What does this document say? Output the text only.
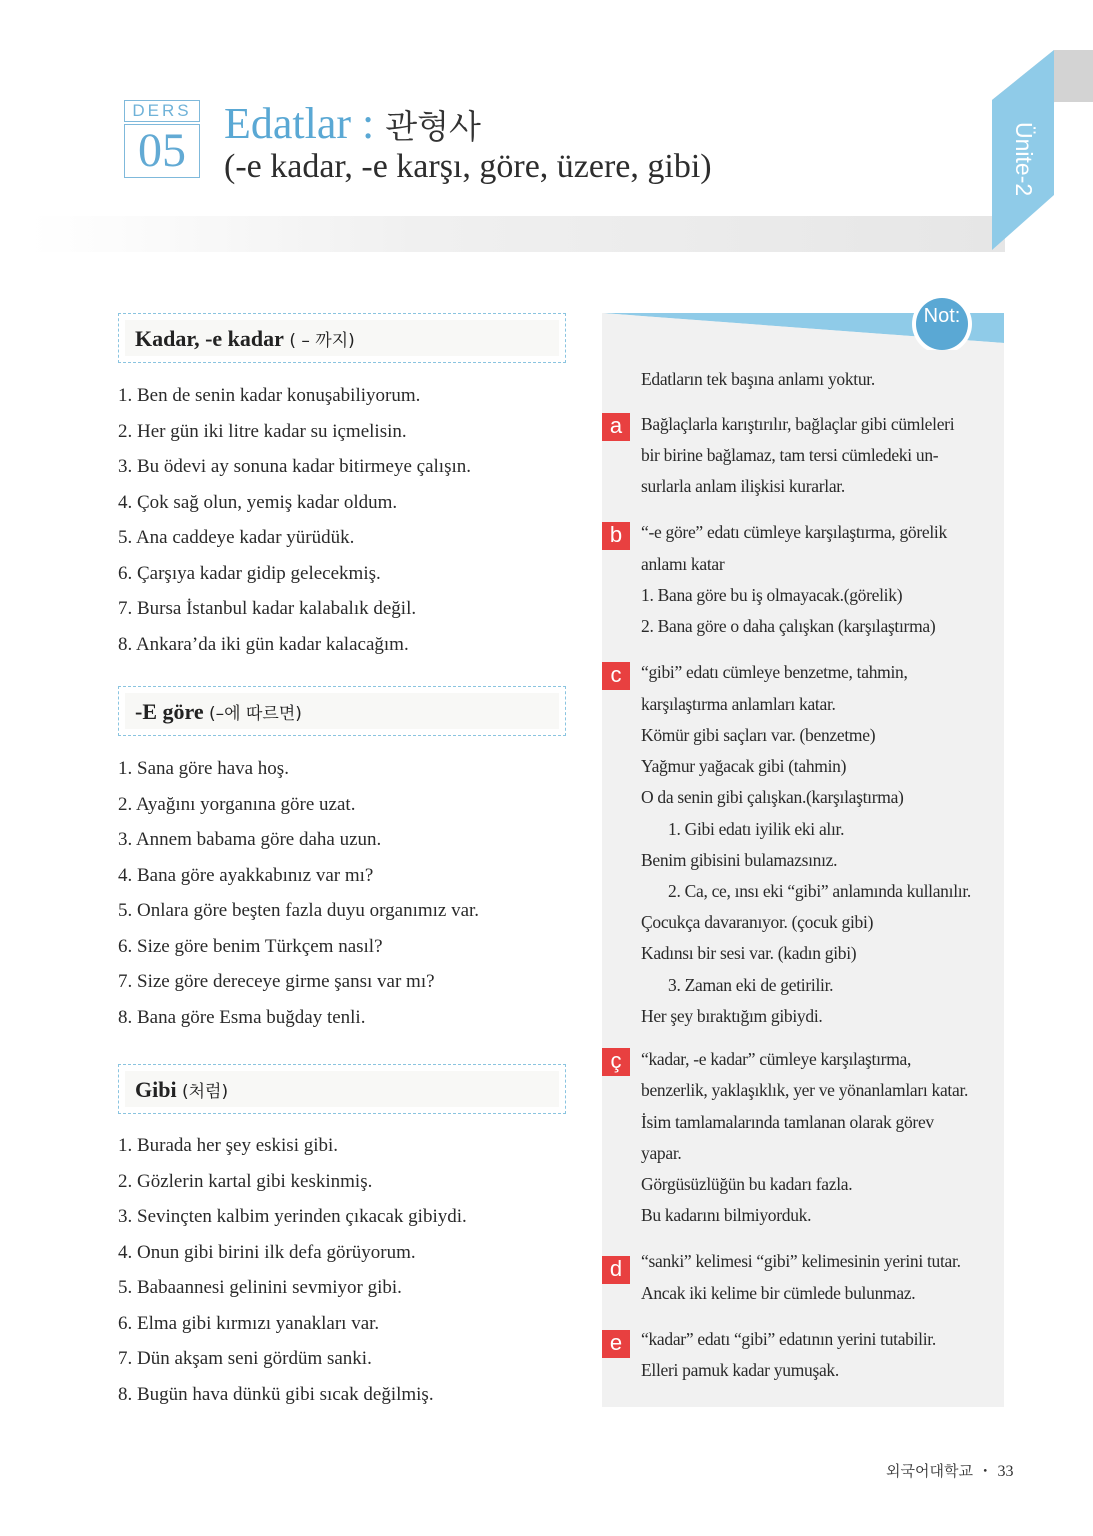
DERS
05
Edatlar : 관형사
(-e kadar, -e karşı, göre, üzere, gibi)	Ünite-2
Kadar, -e kadar ( – 까지)
1. Ben de senin kadar konuşabiliyorum.
2. Her gün iki litre kadar su içmelisin.
3. Bu ödevi ay sonuna kadar bitirmeye çalışın.
4. Çok sağ olun, yemiş kadar oldum.
5. Ana caddeye kadar yürüdük.
6. Çarşıya kadar gidip gelecekmiş.
7. Bursa İstanbul kadar kalabalık değil.
8. Ankara’da iki gün kadar kalacağım.
-E göre (–에 따르면)
1. Sana göre hava hoş.
2. Ayağını yorganına göre uzat.
3. Annem babama göre daha uzun.
4. Bana göre ayakkabınız var mı?
5. Onlara göre beşten fazla duyu organımız var.
6. Size göre benim Türkçem nasıl?
7. Size göre dereceye girme şansı var mı?
8. Bana göre Esma buğday tenli.
Gibi (처럼)
1. Burada her şey eskisi gibi.
2. Gözlerin kartal gibi keskinmiş.
3. Sevinçten kalbim yerinden çıkacak gibiydi.
4. Onun gibi birini ilk defa görüyorum.
5. Babaannesi gelinini sevmiyor gibi.
6. Elma gibi kırmızı yanakları var.
7. Dün akşam seni gördüm sanki.
8. Bugün hava dünkü gibi sıcak değilmiş.
Not:
Edatların tek başına anlamı yoktur.
a	Bağlaçlarla karıştırılır, bağlaçlar gibi cümleleri
bir birine bağlamaz, tam tersi cümledeki un-
surlarla anlam ilişkisi kurarlar.
b	“-e göre” edatı cümleye karşılaştırma, görelik
anlamı katar
1. Bana göre bu iş olmayacak.(görelik)
2. Bana göre o daha çalışkan (karşılaştırma)
c	“gibi” edatı cümleye benzetme, tahmin,
karşılaştırma anlamları katar.
Kömür gibi saçları var. (benzetme)
Yağmur yağacak gibi (tahmin)
O da senin gibi çalışkan.(karşılaştırma)
1. Gibi edatı iyilik eki alır.
Benim gibisini bulamazsınız.
2. Ca, ce, ınsı eki “gibi” anlamında kullanılır.
Çocukça davaranıyor. (çocuk gibi)
Kadınsı bir sesi var. (kadın gibi)
3. Zaman eki de getirilir.
Her şey bıraktığım gibiydi.
ç	“kadar, -e kadar” cümleye karşılaştırma,
benzerlik, yaklaşıklık, yer ve yönanlamları katar.
İsim tamlamalarında tamlanan olarak görev
yapar.
Görgüsüzlüğün bu kadarı fazla.
Bu kadarını bilmiyorduk.
d	“sanki” kelimesi “gibi” kelimesinin yerini tutar.
Ancak iki kelime bir cümlede bulunmaz.
e	“kadar” edatı “gibi” edatının yerini tutabilir.
Elleri pamuk kadar yumuşak.
외국어대학교 ・ 33
